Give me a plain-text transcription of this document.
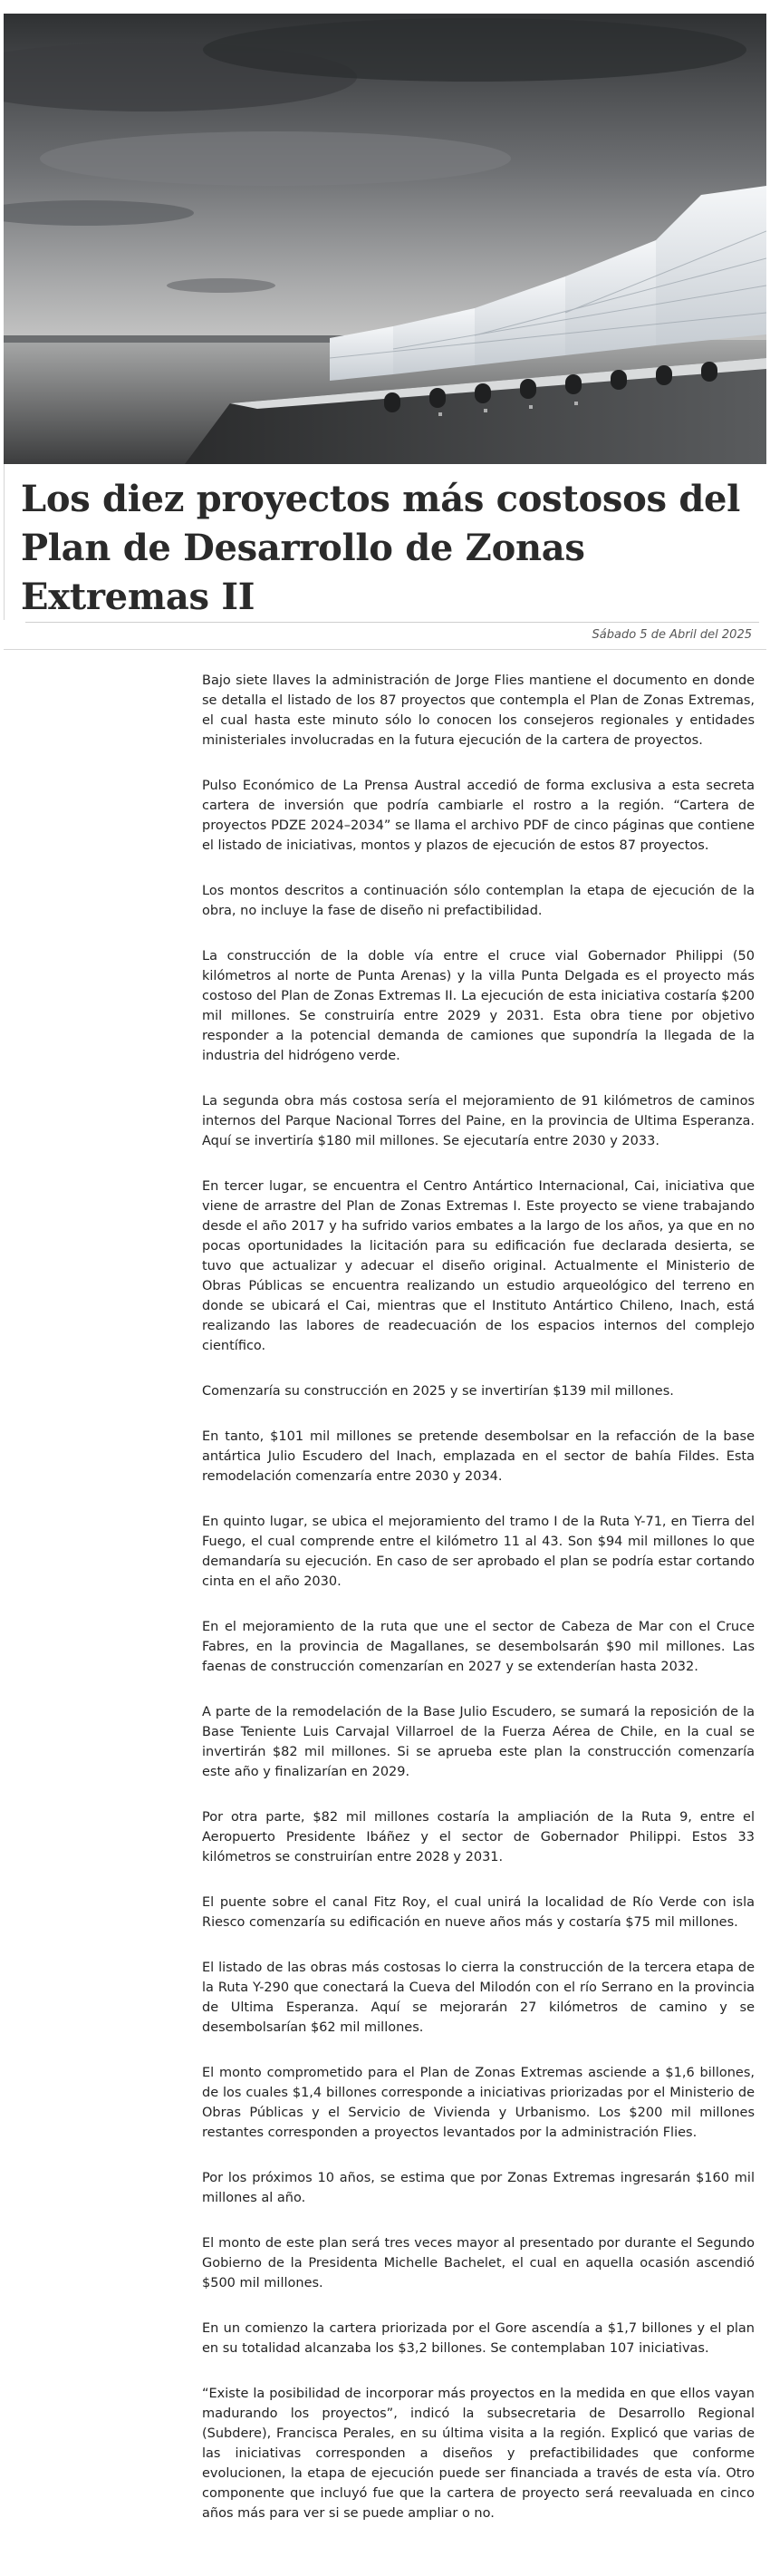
Los diez proyectos más costosos del Plan de Desarrollo de Zonas Extremas II
Sábado 5 de Abril del 2025

Bajo siete llaves la administración de Jorge Flies mantiene el documento en donde se detalla el listado de los 87 proyectos que contempla el Plan de Zonas Extremas, el cual hasta este minuto sólo lo conocen los consejeros regionales y entidades ministeriales involucradas en la futura ejecución de la cartera de proyectos.

Pulso Económico de La Prensa Austral accedió de forma exclusiva a esta secreta cartera de inversión que podría cambiarle el rostro a la región. “Cartera de proyectos PDZE 2024–2034” se llama el archivo PDF de cinco páginas que contiene el listado de iniciativas, montos y plazos de ejecución de estos 87 proyectos.

Los montos descritos a continuación sólo contemplan la etapa de ejecución de la obra, no incluye la fase de diseño ni prefactibilidad.

La construcción de la doble vía entre el cruce vial Gobernador Philippi (50 kilómetros al norte de Punta Arenas) y la villa Punta Delgada es el proyecto más costoso del Plan de Zonas Extremas II. La ejecución de esta iniciativa costaría $200 mil millones. Se construiría entre 2029 y 2031. Esta obra tiene por objetivo responder a la potencial demanda de camiones que supondría la llegada de la industria del hidrógeno verde.

La segunda obra más costosa sería el mejoramiento de 91 kilómetros de caminos internos del Parque Nacional Torres del Paine, en la provincia de Ultima Esperanza. Aquí se invertiría $180 mil millones. Se ejecutaría entre 2030 y 2033.

En tercer lugar, se encuentra el Centro Antártico Internacional, Cai, iniciativa que viene de arrastre del Plan de Zonas Extremas I. Este proyecto se viene trabajando desde el año 2017 y ha sufrido varios embates a la largo de los años, ya que en no pocas oportunidades la licitación para su edificación fue declarada desierta, se tuvo que actualizar y adecuar el diseño original. Actualmente el Ministerio de Obras Públicas se encuentra realizando un estudio arqueológico del terreno en donde se ubicará el Cai, mientras que el Instituto Antártico Chileno, Inach, está realizando las labores de readecuación de los espacios internos del complejo científico.

Comenzaría su construcción en 2025 y se invertirían $139 mil millones.

En tanto, $101 mil millones se pretende desembolsar en la refacción de la base antártica Julio Escudero del Inach, emplazada en el sector de bahía Fildes. Esta remodelación comenzaría entre 2030 y 2034.

En quinto lugar, se ubica el mejoramiento del tramo I de la Ruta Y-71, en Tierra del Fuego, el cual comprende entre el kilómetro 11 al 43. Son $94 mil millones lo que demandaría su ejecución. En caso de ser aprobado el plan se podría estar cortando cinta en el año 2030.

En el mejoramiento de la ruta que une el sector de Cabeza de Mar con el Cruce Fabres, en la provincia de Magallanes, se desembolsarán $90 mil millones. Las faenas de construcción comenzarían en 2027 y se extenderían hasta 2032.

A parte de la remodelación de la Base Julio Escudero, se sumará la reposición de la Base Teniente Luis Carvajal Villarroel de la Fuerza Aérea de Chile, en la cual se invertirán $82 mil millones. Si se aprueba este plan la construcción comenzaría este año y finalizarían en 2029.

Por otra parte, $82 mil millones costaría la ampliación de la Ruta 9, entre el Aeropuerto Presidente Ibáñez y el sector de Gobernador Philippi. Estos 33 kilómetros se construirían entre 2028 y 2031.

El puente sobre el canal Fitz Roy, el cual unirá la localidad de Río Verde con isla Riesco comenzaría su edificación en nueve años más y costaría $75 mil millones.

El listado de las obras más costosas lo cierra la construcción de la tercera etapa de la Ruta Y-290 que conectará la Cueva del Milodón con el río Serrano en la provincia de Ultima Esperanza. Aquí se mejorarán 27 kilómetros de camino y se desembolsarían $62 mil millones.

El monto comprometido para el Plan de Zonas Extremas asciende a $1,6 billones, de los cuales $1,4 billones corresponde a iniciativas priorizadas por el Ministerio de Obras Públicas y el Servicio de Vivienda y Urbanismo. Los $200 mil millones restantes corresponden a proyectos levantados por la administración Flies.

Por los próximos 10 años, se estima que por Zonas Extremas ingresarán $160 mil millones al año.

El monto de este plan será tres veces mayor al presentado por durante el Segundo Gobierno de la Presidenta Michelle Bachelet, el cual en aquella ocasión ascendió $500 mil millones.

En un comienzo la cartera priorizada por el Gore ascendía a $1,7 billones y el plan en su totalidad alcanzaba los $3,2 billones. Se contemplaban 107 iniciativas.

“Existe la posibilidad de incorporar más proyectos en la medida en que ellos vayan madurando los proyectos”, indicó la subsecretaria de Desarrollo Regional (Subdere), Francisca Perales, en su última visita a la región. Explicó que varias de las iniciativas corresponden a diseños y prefactibilidades que conforme evolucionen, la etapa de ejecución puede ser financiada a través de esta vía. Otro componente que incluyó fue que la cartera de proyecto será reevaluada en cinco años más para ver si se puede ampliar o no.
